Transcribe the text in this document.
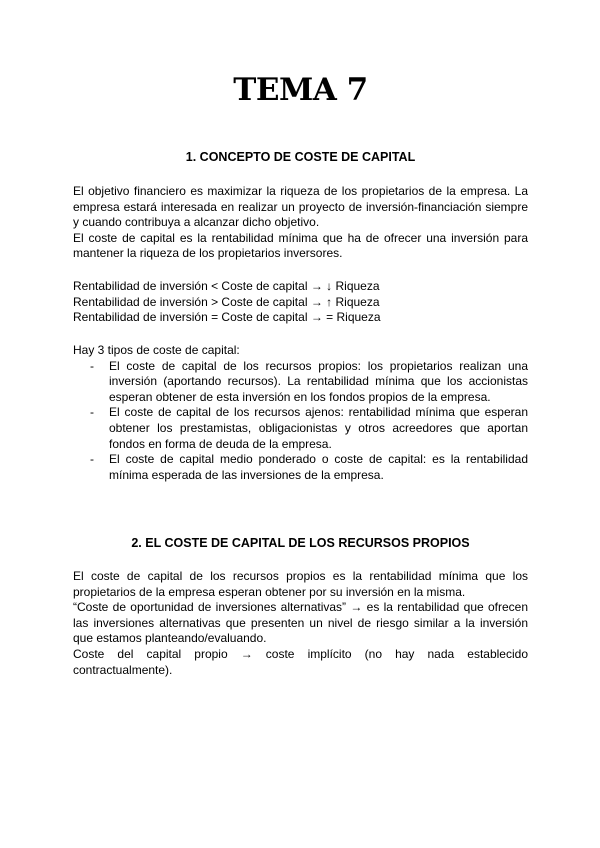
TEMA 7
1. CONCEPTO DE COSTE DE CAPITAL

El objetivo financiero es maximizar la riqueza de los propietarios de la empresa. La empresa estará interesada en realizar un proyecto de inversión-financiación siempre y cuando contribuya a alcanzar dicho objetivo.

El coste de capital es la rentabilidad mínima que ha de ofrecer una inversión para mantener la riqueza de los propietarios inversores.

Rentabilidad de inversión < Coste de capital → ↓ Riqueza

Rentabilidad de inversión > Coste de capital → ↑ Riqueza

Rentabilidad de inversión = Coste de capital → = Riqueza

Hay 3 tipos de coste de capital:

- El coste de capital de los recursos propios: los propietarios realizan una inversión (aportando recursos). La rentabilidad mínima que los accionistas esperan obtener de esta inversión en los fondos propios de la empresa.
- El coste de capital de los recursos ajenos: rentabilidad mínima que esperan obtener los prestamistas, obligacionistas y otros acreedores que aportan fondos en forma de deuda de la empresa.
- El coste de capital medio ponderado o coste de capital: es la rentabilidad mínima esperada de las inversiones de la empresa.
2. EL COSTE DE CAPITAL DE LOS RECURSOS PROPIOS

El coste de capital de los recursos propios es la rentabilidad mínima que los propietarios de la empresa esperan obtener por su inversión en la misma.

“Coste de oportunidad de inversiones alternativas” → es la rentabilidad que ofrecen las inversiones alternativas que presenten un nivel de riesgo similar a la inversión que estamos planteando/evaluando.

Coste del capital propio → coste implícito (no hay nada establecido contractualmente).
